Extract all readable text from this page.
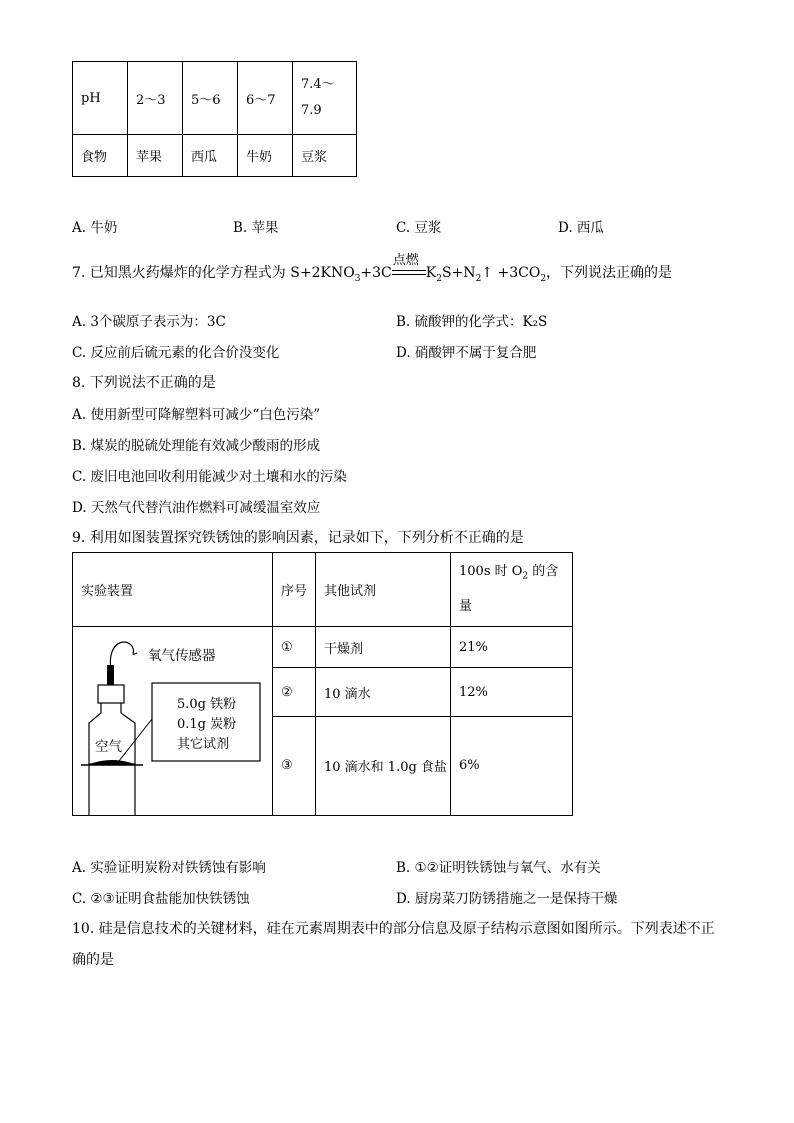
pH	2～3	5～6	6～7	7.4～
7.9

食物	苹果	西瓜	牛奶	豆浆
A. 牛奶	B. 苹果	C. 豆浆	D. 西瓜
7. 已知黑火药爆炸的化学方程式为 $S+2KNO_3+3C$
点燃
$K_2S+N_2↑ +3CO_2$，下列说法正确的是
A. 3个碳原子表示为：3C	B. 硫酸钾的化学式：K₂S
C. 反应前后硫元素的化合价没变化	D. 硝酸钾不属于复合肥
8. 下列说法不正确的是
A. 使用新型可降解塑料可减少“白色污染”
B. 煤炭的脱硫处理能有效减少酸雨的形成
C. 废旧电池回收利用能减少对土壤和水的污染
D. 天然气代替汽油作燃料可减缓温室效应
9. 利用如图装置探究铁锈蚀的影响因素，记录如下，下列分析不正确的是
实验装置	序号	其他试剂	100s 时 $O_2$ 的含
量

氧气传感器
5.0g 铁粉
0.1g 炭粉
其它试剂
空气	①	干燥剂	21%
	②	10 滴水	12%
	③	10 滴水和 1.0g 食盐	6%
A. 实验证明炭粉对铁锈蚀有影响	B. ①②证明铁锈蚀与氧气、水有关
C. ②③证明食盐能加快铁锈蚀	D. 厨房菜刀防锈措施之一是保持干燥
10. 硅是信息技术的关键材料，硅在元素周期表中的部分信息及原子结构示意图如图所示。下列表述不正
确的是
